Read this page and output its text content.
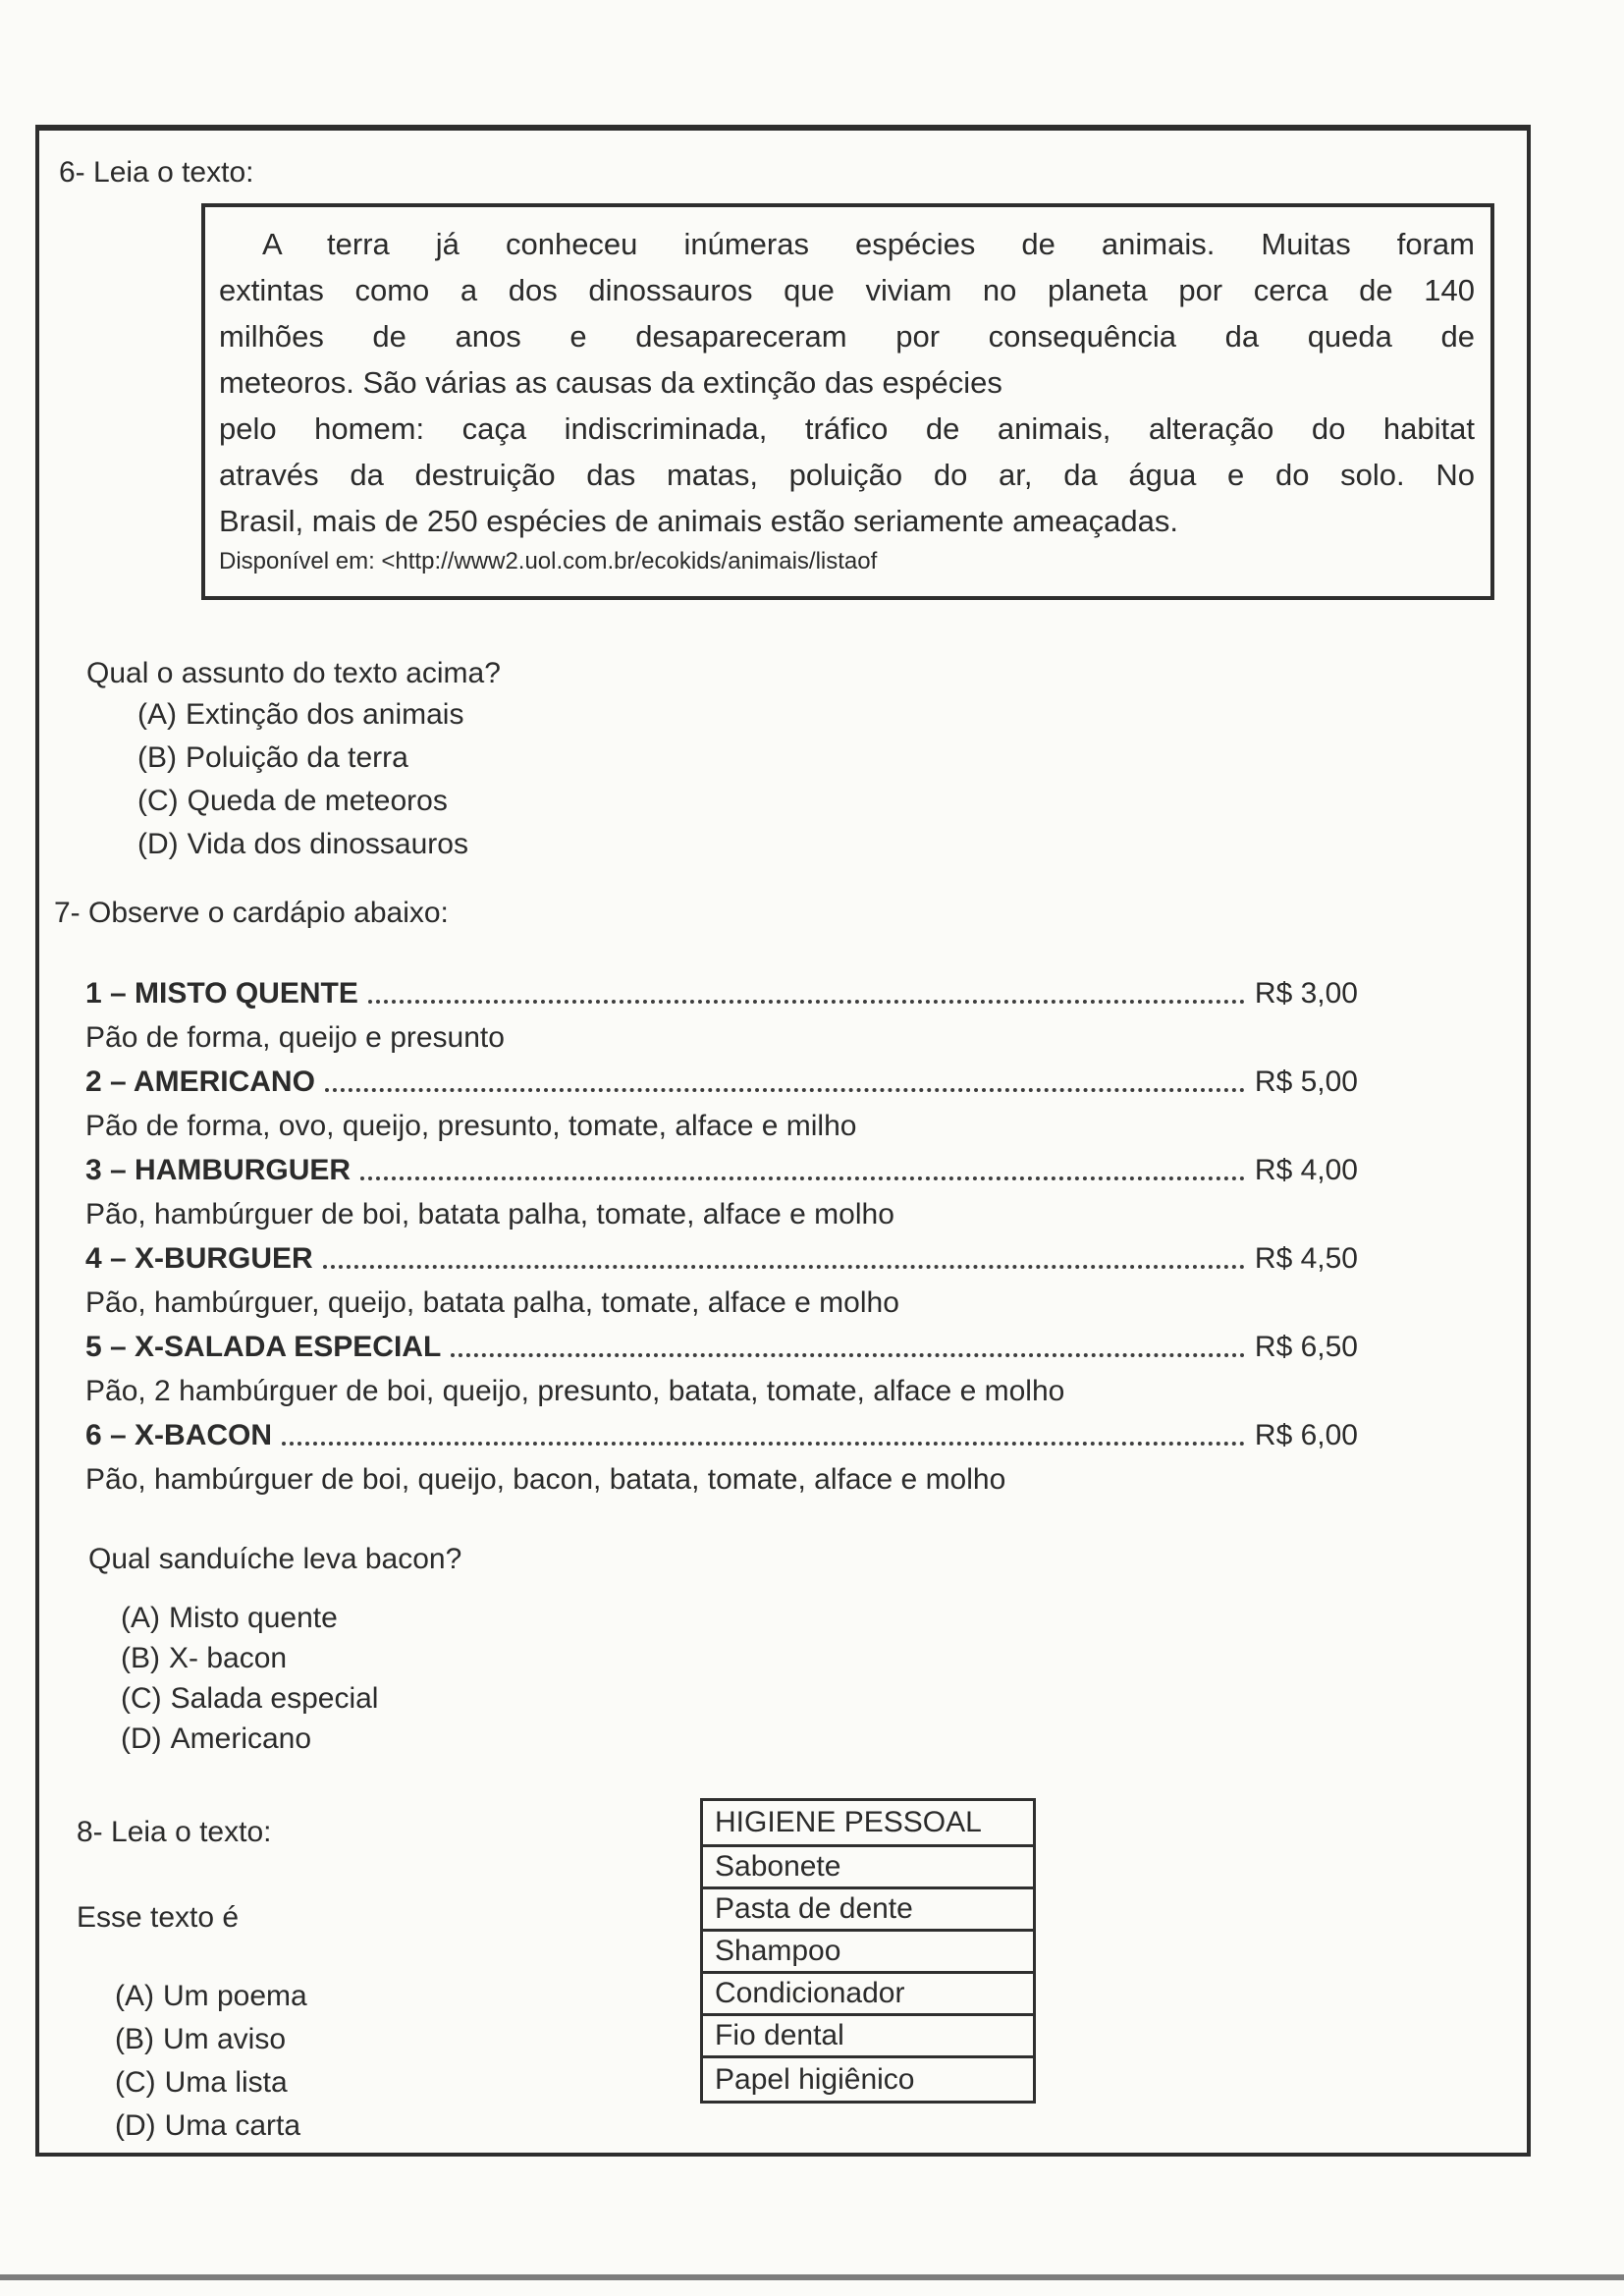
6- Leia o texto:
A terra já conheceu inúmeras espécies de animais. Muitas foram
extintas como a dos dinossauros que viviam no planeta por cerca de 140
milhões de anos e desapareceram por consequência da queda de
meteoros. São várias as causas da extinção das espécies
pelo homem: caça indiscriminada, tráfico de animais, alteração do habitat
através da destruição das matas, poluição do ar, da água e do solo. No
Brasil, mais de 250 espécies de animais estão seriamente ameaçadas.
Disponível em: <http://www2.uol.com.br/ecokids/animais/listaof
Qual o assunto do texto acima?
(A) Extinção dos animais
(B) Poluição da terra
(C) Queda de meteoros
(D) Vida dos dinossauros
7- Observe o cardápio abaixo:
1 – MISTO QUENTE	R$ 3,00
Pão de forma, queijo e presunto
2 – AMERICANO	R$ 5,00
Pão de forma, ovo, queijo, presunto, tomate, alface e milho
3 – HAMBURGUER	R$ 4,00
Pão, hambúrguer de boi, batata palha, tomate, alface e molho
4 – X-BURGUER	R$ 4,50
Pão, hambúrguer, queijo, batata palha, tomate, alface e molho
5 – X-SALADA ESPECIAL	R$ 6,50
Pão, 2 hambúrguer de boi, queijo, presunto, batata, tomate, alface e molho
6 – X-BACON	R$ 6,00
Pão, hambúrguer de boi, queijo, bacon, batata, tomate, alface e molho
Qual sanduíche leva bacon?
(A) Misto quente
(B) X- bacon
(C) Salada especial
(D) Americano
8- Leia o texto:
Esse texto é
(A) Um poema
(B) Um aviso
(C) Uma lista
(D) Uma carta
HIGIENE PESSOAL
Sabonete
Pasta de dente
Shampoo
Condicionador
Fio dental
Papel higiênico
